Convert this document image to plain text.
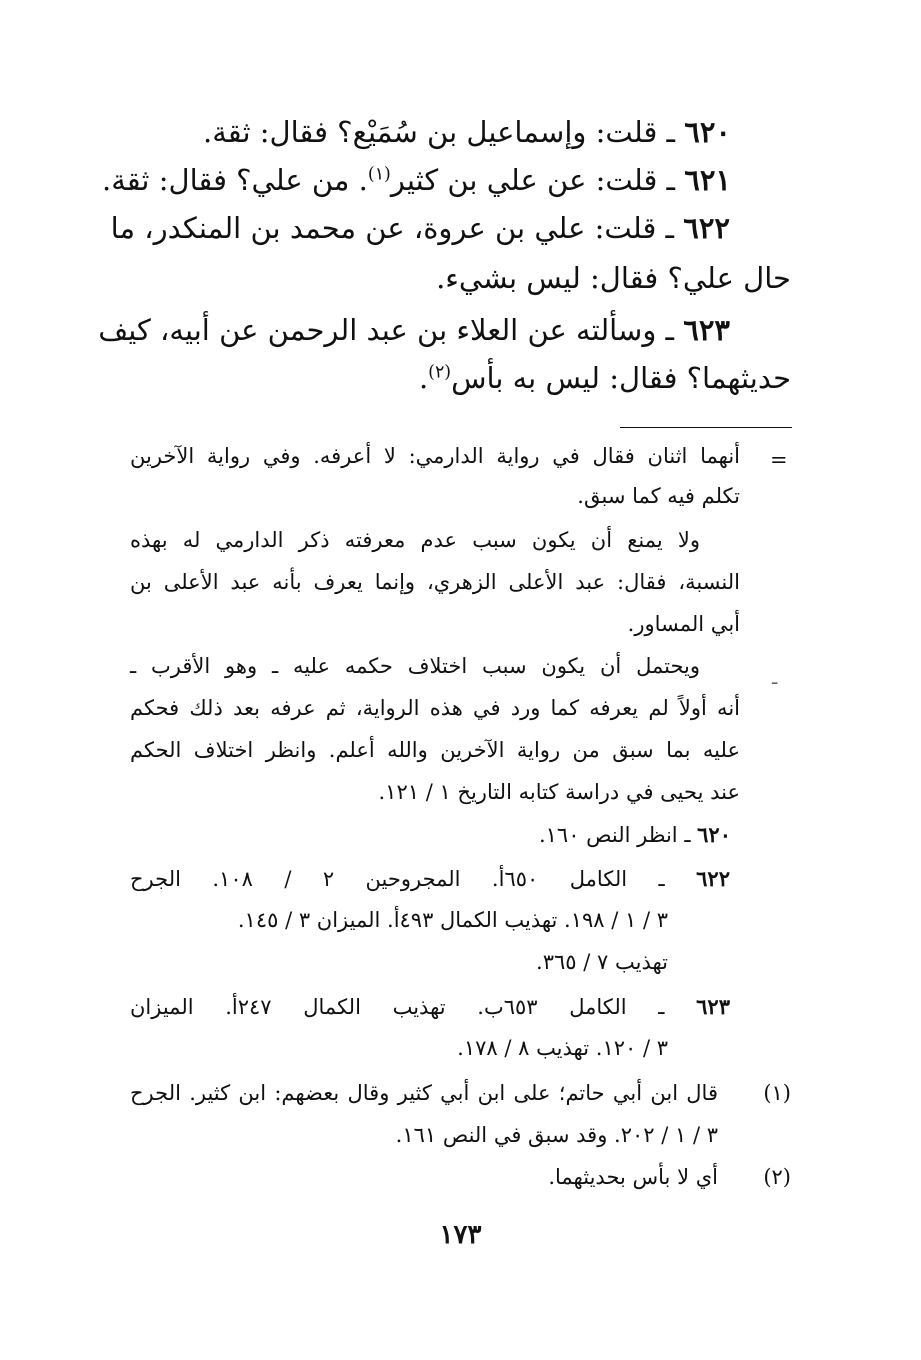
٦٢٠ ـ قلت: وإسماعيل بن سُمَيْع؟ فقال: ثقة.
٦٢١ ـ قلت: عن علي بن كثير$^{(١)}$. من علي؟ فقال: ثقة.
٦٢٢ ـ قلت: علي بن عروة، عن محمد بن المنكدر، ما
حال علي؟ فقال: ليس بشيء.
٦٢٣ ـ وسألته عن العلاء بن عبد الرحمن عن أبيه، كيف
حديثهما؟ فقال: ليس به بأس$^{(٢)}$.
=
أنهما اثنان فقال في رواية الدارمي: لا أعرفه. وفي رواية الآخرين
تكلم فيه كما سبق.
ولا يمنع أن يكون سبب عدم معرفته ذكر الدارمي له بهذه
النسبة، فقال: عبد الأعلى الزهري، وإنما يعرف بأنه عبد الأعلى بن
أبي المساور.
ـ
ويحتمل أن يكون سبب اختلاف حكمه عليه ـ وهو الأقرب ـ
أنه أولاً لم يعرفه كما ورد في هذه الرواية، ثم عرفه بعد ذلك فحكم
عليه بما سبق من رواية الآخرين والله أعلم. وانظر اختلاف الحكم
عند يحيى في دراسة كتابه التاريخ ١ / ١٢١.
٦٢٠ ـ انظر النص ١٦٠.
٦٢٢ ـ الكامل ٦٥٠أ. المجروحين ٢ / ١٠٨. الجرح
٣ / ١ / ١٩٨. تهذيب الكمال ٤٩٣أ. الميزان ٣ / ١٤٥.
تهذيب ٧ / ٣٦٥.
٦٢٣ ـ الكامل ٦٥٣ب. تهذيب الكمال ٢٤٧أ. الميزان
٣ / ١٢٠. تهذيب ٨ / ١٧٨.
(١)
قال ابن أبي حاتم؛ على ابن أبي كثير وقال بعضهم: ابن كثير. الجرح
٣ / ١ / ٢٠٢. وقد سبق في النص ١٦١.
(٢)
أي لا بأس بحديثهما.
١٧٣
